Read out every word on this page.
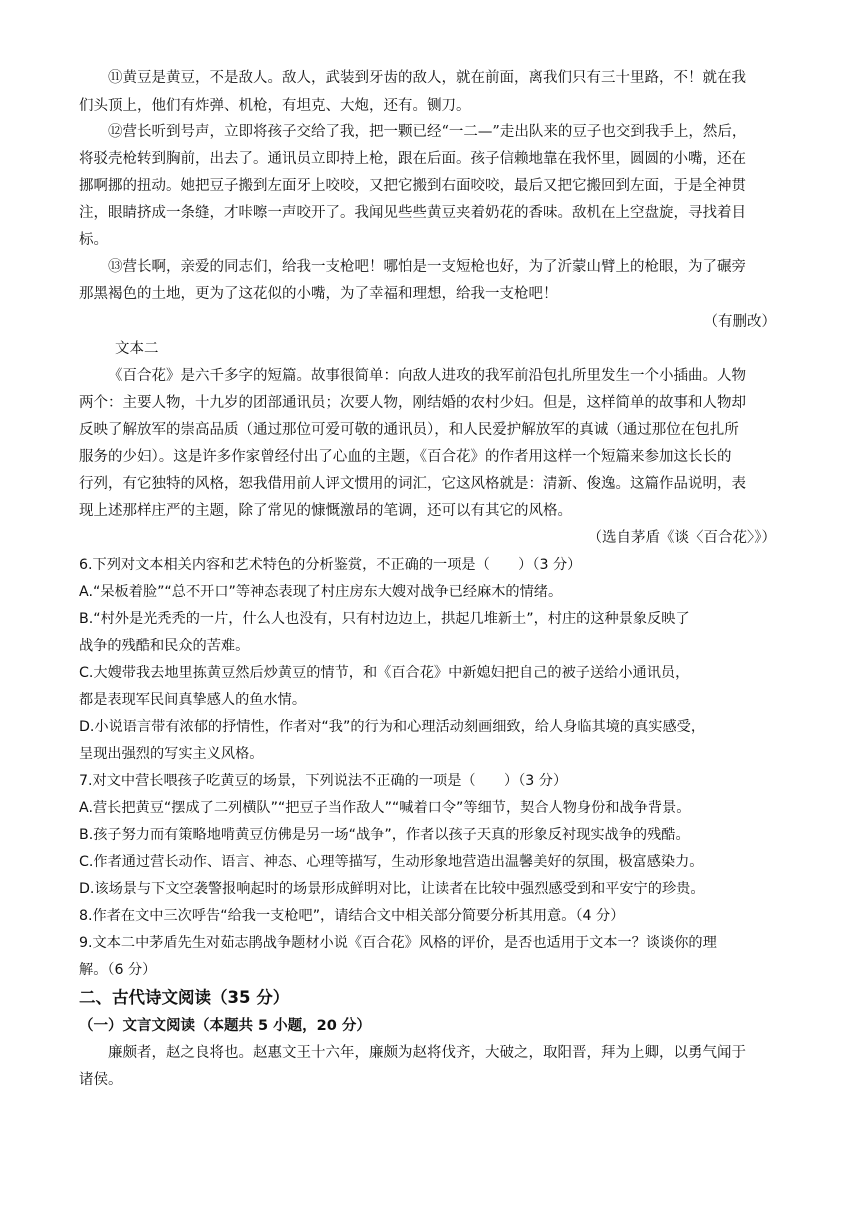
⑪黄豆是黄豆，不是敌人。敌人，武装到牙齿的敌人，就在前面，离我们只有三十里路，不！就在我
们头顶上，他们有炸弹、机枪，有坦克、大炮，还有。铡刀。
⑫营长听到号声，立即将孩子交给了我，把一颗已经“一二—”走出队来的豆子也交到我手上，然后，
将驳壳枪转到胸前，出去了。通讯员立即持上枪，跟在后面。孩子信赖地靠在我怀里，圆圆的小嘴，还在
挪啊挪的扭动。她把豆子搬到左面牙上咬咬，又把它搬到右面咬咬，最后又把它搬回到左面，于是全神贯
注，眼睛挤成一条缝，才咔嚓一声咬开了。我闻见些些黄豆夹着奶花的香味。敌机在上空盘旋，寻找着目
标。
⑬营长啊，亲爱的同志们，给我一支枪吧！哪怕是一支短枪也好，为了沂蒙山臂上的枪眼，为了碾旁
那黑褐色的土地，更为了这花似的小嘴，为了幸福和理想，给我一支枪吧！
（有删改）
文本二
《百合花》是六千多字的短篇。故事很简单：向敌人进攻的我军前沿包扎所里发生一个小插曲。人物
两个：主要人物，十九岁的团部通讯员；次要人物，刚结婚的农村少妇。但是，这样简单的故事和人物却
反映了解放军的崇高品质（通过那位可爱可敬的通讯员），和人民爱护解放军的真诚（通过那位在包扎所
服务的少妇）。这是许多作家曾经付出了心血的主题，《百合花》的作者用这样一个短篇来参加这长长的
行列，有它独特的风格，恕我借用前人评文惯用的词汇，它这风格就是：清新、俊逸。这篇作品说明，表
现上述那样庄严的主题，除了常见的慷慨激昂的笔调，还可以有其它的风格。
（选自茅盾《谈〈百合花〉》）
6.下列对文本相关内容和艺术特色的分析鉴赏，不正确的一项是（　　）（3 分）
A.“呆板着脸”“总不开口”等神态表现了村庄房东大嫂对战争已经麻木的情绪。
B.“村外是光秃秃的一片，什么人也没有，只有村边边上，拱起几堆新土”，村庄的这种景象反映了
战争的残酷和民众的苦难。
C.大嫂带我去地里拣黄豆然后炒黄豆的情节，和《百合花》中新媳妇把自己的被子送给小通讯员，
都是表现军民间真挚感人的鱼水情。
D.小说语言带有浓郁的抒情性，作者对“我”的行为和心理活动刻画细致，给人身临其境的真实感受，
呈现出强烈的写实主义风格。
7.对文中营长喂孩子吃黄豆的场景，下列说法不正确的一项是（　　）（3 分）
A.营长把黄豆“摆成了二列横队”“把豆子当作敌人”“喊着口令”等细节，契合人物身份和战争背景。
B.孩子努力而有策略地啃黄豆仿佛是另一场“战争”，作者以孩子天真的形象反衬现实战争的残酷。
C.作者通过营长动作、语言、神态、心理等描写，生动形象地营造出温馨美好的氛围，极富感染力。
D.该场景与下文空袭警报响起时的场景形成鲜明对比，让读者在比较中强烈感受到和平安宁的珍贵。
8.作者在文中三次呼告“给我一支枪吧”，请结合文中相关部分简要分析其用意。（4 分）
9.文本二中茅盾先生对茹志鹃战争题材小说《百合花》风格的评价，是否也适用于文本一？谈谈你的理
解。（6 分）
二、古代诗文阅读（35 分）
（一）文言文阅读（本题共 5 小题，20 分）
廉颇者，赵之良将也。赵惠文王十六年，廉颇为赵将伐齐，大破之，取阳晋，拜为上卿，以勇气闻于
诸侯。
